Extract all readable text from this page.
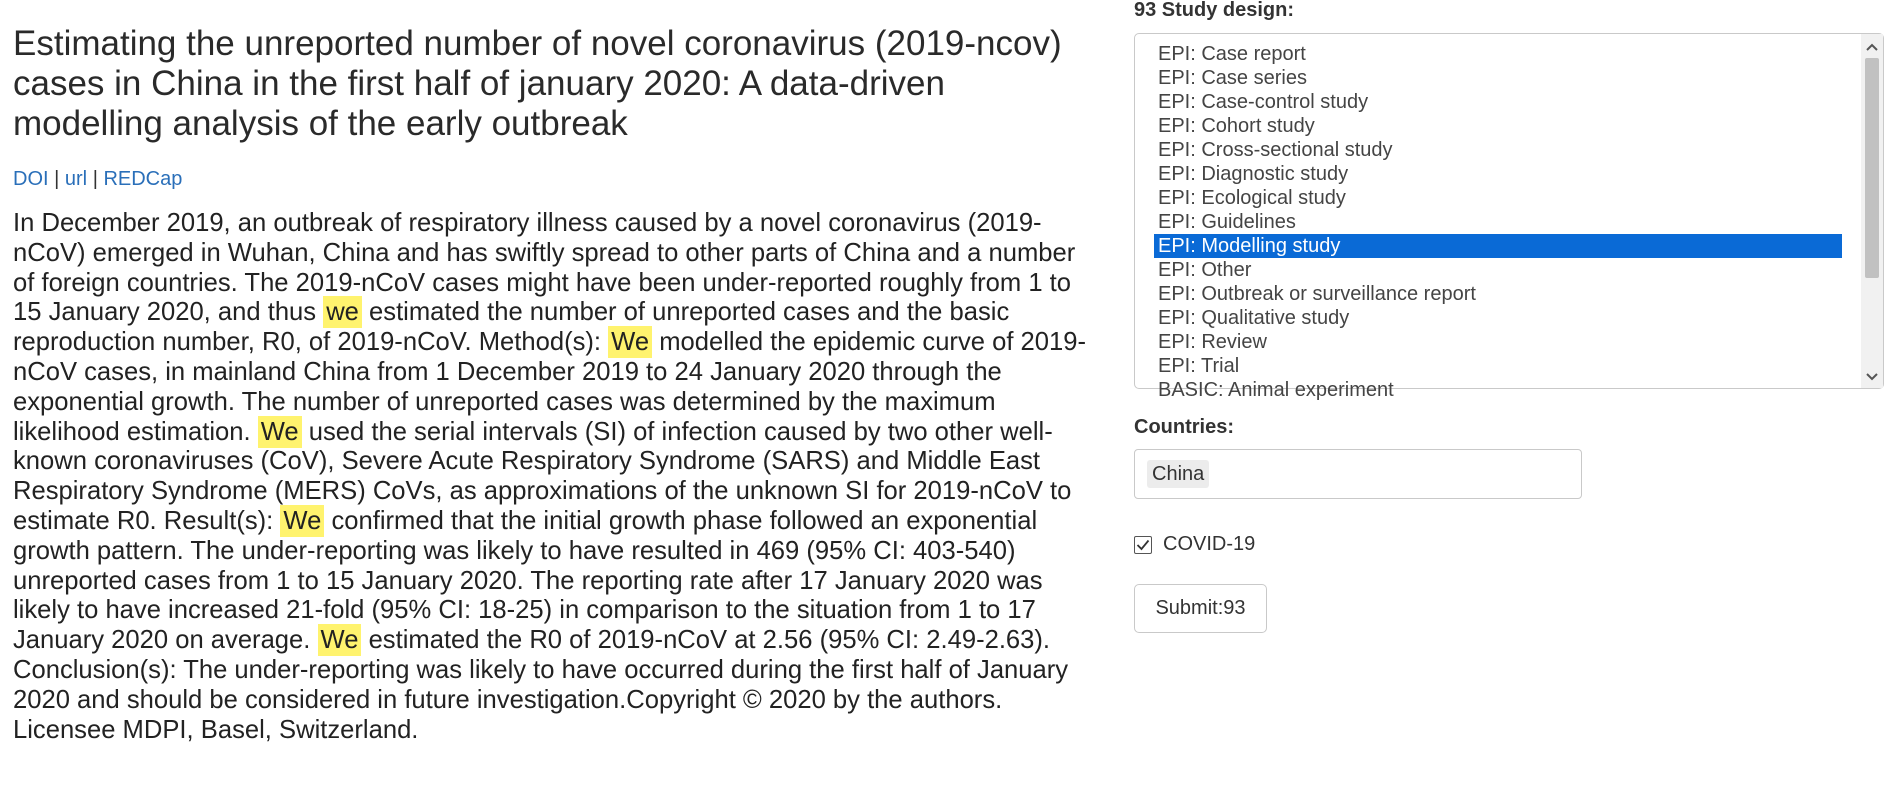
Estimating the unreported number of novel coronavirus (2019-ncov) cases in China in the first half of january 2020: A data-driven modelling analysis of the early outbreak
DOI | url | REDCap
In December 2019, an outbreak of respiratory illness caused by a novel coronavirus (2019-nCoV) emerged in Wuhan, China and has swiftly spread to other parts of China and a number of foreign countries. The 2019-nCoV cases might have been under-reported roughly from 1 to 15 January 2020, and thus we estimated the number of unreported cases and the basic reproduction number, R0, of 2019-nCoV. Method(s): We modelled the epidemic curve of 2019-nCoV cases, in mainland China from 1 December 2019 to 24 January 2020 through the exponential growth. The number of unreported cases was determined by the maximum likelihood estimation. We used the serial intervals (SI) of infection caused by two other well-known coronaviruses (CoV), Severe Acute Respiratory Syndrome (SARS) and Middle East Respiratory Syndrome (MERS) CoVs, as approximations of the unknown SI for 2019-nCoV to estimate R0. Result(s): We confirmed that the initial growth phase followed an exponential growth pattern. The under-reporting was likely to have resulted in 469 (95% CI: 403-540) unreported cases from 1 to 15 January 2020. The reporting rate after 17 January 2020 was likely to have increased 21-fold (95% CI: 18-25) in comparison to the situation from 1 to 17 January 2020 on average. We estimated the R0 of 2019-nCoV at 2.56 (95% CI: 2.49-2.63). Conclusion(s): The under-reporting was likely to have occurred during the first half of January 2020 and should be considered in future investigation.Copyright © 2020 by the authors. Licensee MDPI, Basel, Switzerland.
93 Study design:
EPI: Case report
EPI: Case series
EPI: Case-control study
EPI: Cohort study
EPI: Cross-sectional study
EPI: Diagnostic study
EPI: Ecological study
EPI: Guidelines
EPI: Modelling study
EPI: Other
EPI: Outbreak or surveillance report
EPI: Qualitative study
EPI: Review
EPI: Trial
BASIC: Animal experiment
Countries:
China
COVID-19
Submit:93
